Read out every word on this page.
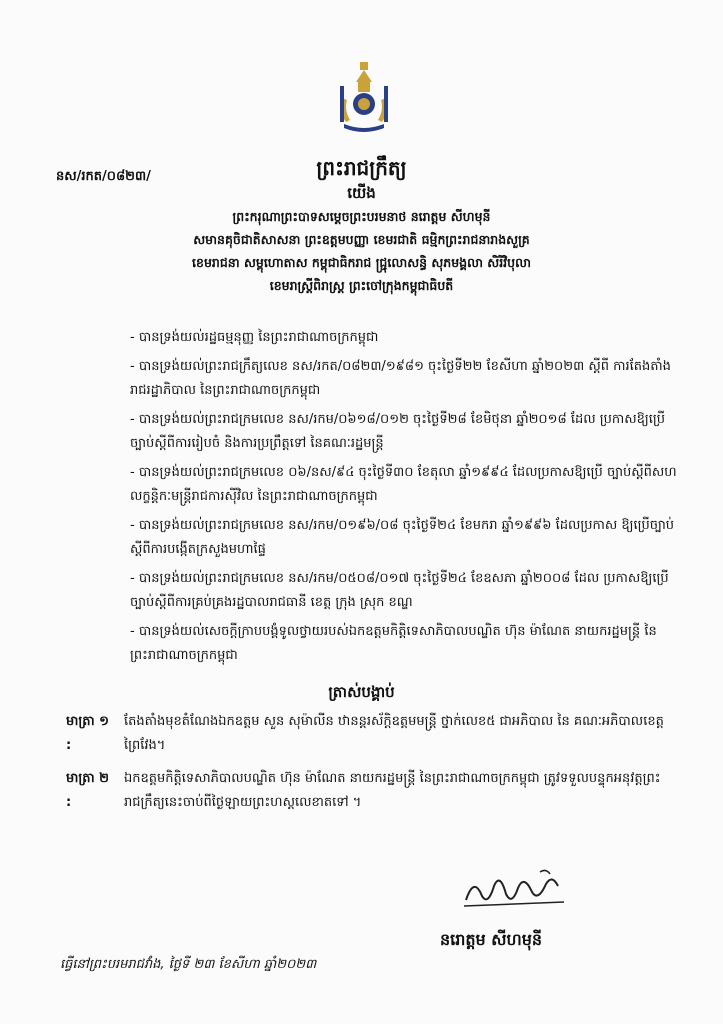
នស/រកត/០៨២៣/	ព្រះរាជក្រឹត្យ
យើង
ព្រះករុណាព្រះបាទសម្តេចព្រះបរមនាថ នរោត្តម សីហមុនី
សមានគុចិជាតិសាសនា ព្រះឧត្តមបញ្ញា ខេមរជាតិ ធម្មិកព្រះរាជនារាងសួគ្រ
ខេមរាជនា សម្ពុហោតាស កម្ពុជាធិករាជ ជ្រ្ជុលោសន្ធិ សុភមង្គលា សិរិវិបុលា
ខេមរាស្ត្រីពិរាស្ត្រ ព្រះចៅក្រុងកម្ពុជាធិបតី
- បានទ្រង់យល់រដ្ឋធម្មនុញ្ញ នៃព្រះរាជាណាចក្រកម្ពុជា
- បានទ្រង់យល់ព្រះរាជក្រឹត្យលេខ នស/រកត/០៨២៣/១៩៨១ ចុះថ្ងៃទី២២ ខែសីហា ឆ្នាំ២០២៣ ស្តីពី ការតែងតាំងរាជរដ្ឋាភិបាល នៃព្រះរាជាណាចក្រកម្ពុជា
- បានទ្រង់យល់ព្រះរាជក្រមលេខ នស/រកម/០៦១៨/០១២ ចុះថ្ងៃទី២៨ ខែមិថុនា ឆ្នាំ២០១៨ ដែល ប្រកាសឱ្យប្រើច្បាប់ស្តីពីការរៀបចំ និងការប្រព្រឹត្តទៅ នៃគណៈរដ្ឋមន្ត្រី
- បានទ្រង់យល់ព្រះរាជក្រមលេខ ០៦/នស/៩៤ ចុះថ្ងៃទី៣០ ខែតុលា ឆ្នាំ១៩៩៤ ដែលប្រកាសឱ្យប្រើ ច្បាប់ស្តីពីសហលក្ខន្តិកៈមន្ត្រីរាជការស៊ីវិល នៃព្រះរាជាណាចក្រកម្ពុជា
- បានទ្រង់យល់ព្រះរាជក្រមលេខ នស/រកម/០១៩៦/០៨ ចុះថ្ងៃទី២៤ ខែមករា ឆ្នាំ១៩៩៦ ដែលប្រកាស ឱ្យប្រើច្បាប់ស្តីពីការបង្កើតក្រសួងមហាផ្ទៃ
- បានទ្រង់យល់ព្រះរាជក្រមលេខ នស/រកម/០៥០៨/០១៧ ចុះថ្ងៃទី២៤ ខែឧសភា ឆ្នាំ២០០៨ ដែល ប្រកាសឱ្យប្រើច្បាប់ស្តីពីការគ្រប់គ្រងរដ្ឋបាលរាជធានី ខេត្ត ក្រុង ស្រុក ខណ្ឌ
- បានទ្រង់យល់សេចក្តីក្រាបបង្គំទូលថ្វាយរបស់ឯកឧត្តមកិត្តិទេសាភិបាលបណ្ឌិត ហ៊ុន ម៉ាណែត នាយករដ្ឋមន្ត្រី នៃព្រះរាជាណាចក្រកម្ពុជា
ត្រាស់បង្គាប់
មាត្រា ១ :
តែងតាំងមុខតំណែងឯកឧត្តម សួន សុម៉ាលីន ឋានន្តរស័ក្តិឧត្តមមន្ត្រី ថ្នាក់លេខ៥ ជាអភិបាល នៃ គណៈអភិបាលខេត្តព្រៃវែង។
មាត្រា ២ :
ឯកឧត្តមកិត្តិទេសាភិបាលបណ្ឌិត ហ៊ុន ម៉ាណែត នាយករដ្ឋមន្ត្រី នៃព្រះរាជាណាចក្រកម្ពុជា ត្រូវទទួលបន្ទុកអនុវត្តព្រះរាជក្រឹត្យនេះចាប់ពីថ្ងៃឡាយព្រះហស្តលេខាតទៅ ។
នរោត្តម សីហមុនី
ធ្វើនៅព្រះបរមរាជវាំង, ថ្ងៃទី ២៣ ខែសីហា ឆ្នាំ២០២៣
